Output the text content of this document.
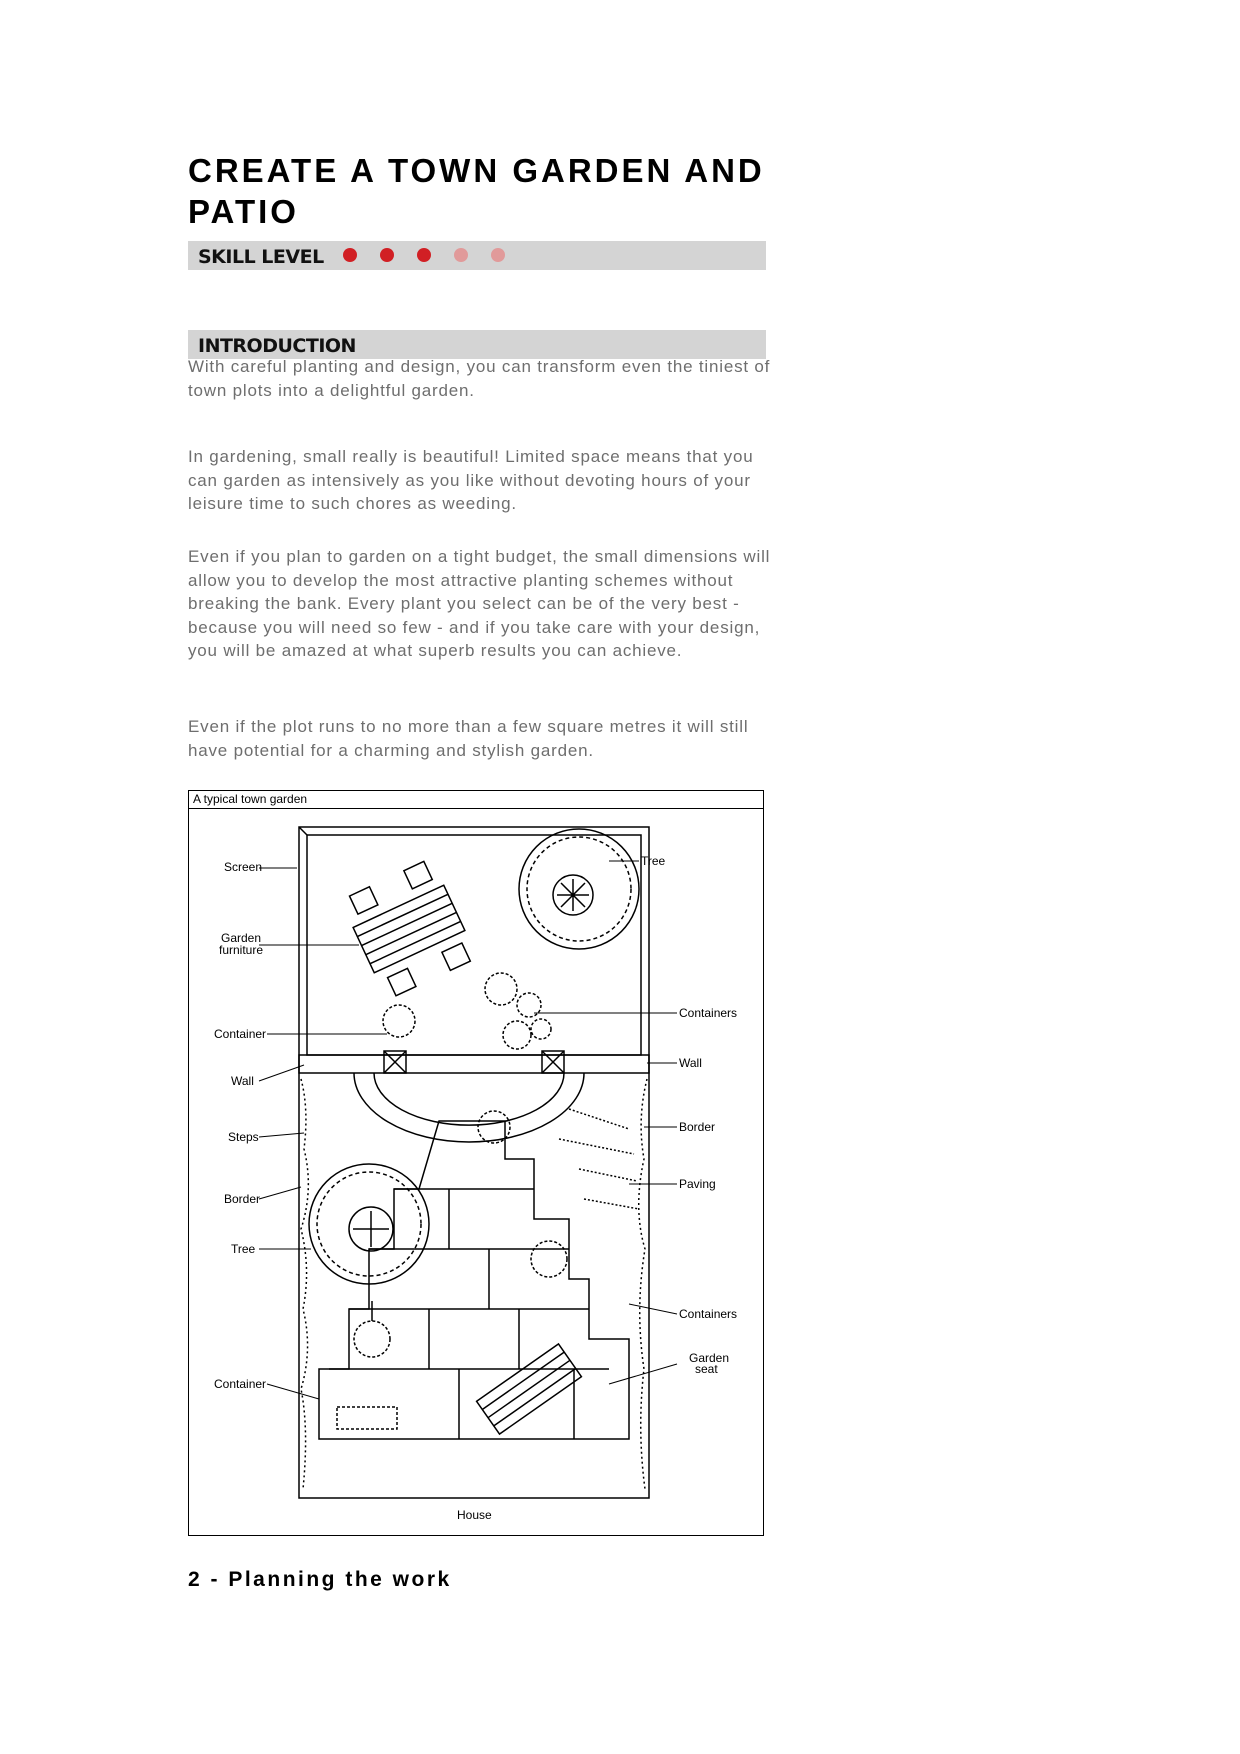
CREATE A TOWN GARDEN AND PATIO
SKILL LEVEL
INTRODUCTION

With careful planting and design, you can transform even the tiniest of town plots into a delightful garden.

In gardening, small really is beautiful! Limited space means that you can garden as intensively as you like without devoting hours of your leisure time to such chores as weeding.

Even if you plan to garden on a tight budget, the small dimensions will allow you to develop the most attractive planting schemes without breaking the bank. Every plant you select can be of the very best - because you will need so few - and if you take care with your design, you will be amazed at what superb results you can achieve.

Even if the plot runs to no more than a few square metres it will still have potential for a charming and stylish garden.

A typical town garden
Screen
Garden
furniture
Container
Wall
Steps
Border
Tree
Container
Tree
Containers
Wall
Border
Paving
Containers
Garden
seat
House
2 - Planning the work
